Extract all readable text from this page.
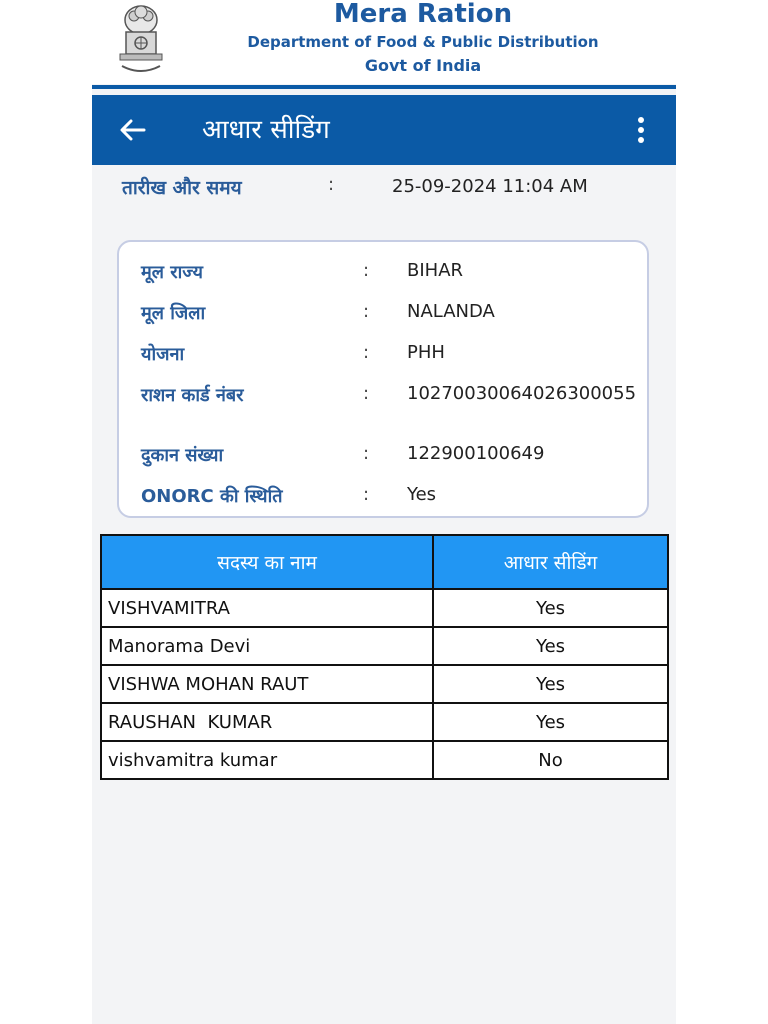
Mera Ration
Department of Food & Public Distribution
Govt of India
आधार सीडिंग
तारीख और समय	:	25-09-2024 11:04 AM
मूल राज्य	: BIHAR
मूल जिला	: NALANDA
योजना	: PHH
राशन कार्ड नंबर	: 10270030064026300055
दुकान संख्या	: 122900100649
ONORC की स्थिति	: Yes
सदस्य का नाम	आधार सीडिंग
VISHVAMITRA	Yes
Manorama Devi	Yes
VISHWA MOHAN RAUT	Yes
RAUSHAN  KUMAR	Yes
vishvamitra kumar	No
